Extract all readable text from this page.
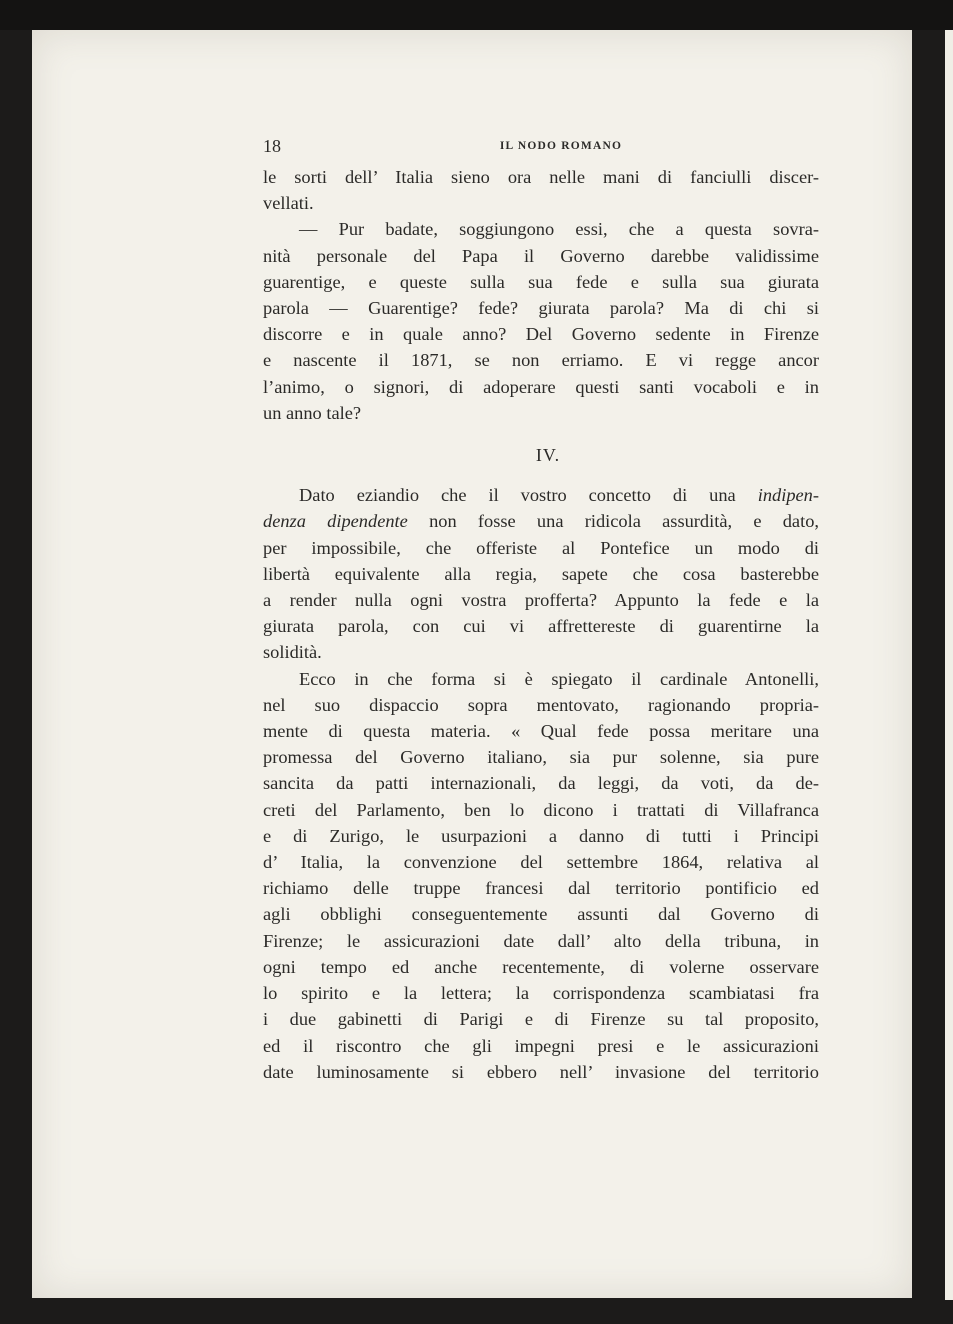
18	IL NODO ROMANO
le sorti dell’ Italia sieno ora nelle mani di fanciulli discer-
vellati.
— Pur badate, soggiungono essi, che a questa sovra-
nità personale del Papa il Governo darebbe validissime
guarentige, e queste sulla sua fede e sulla sua giurata
parola — Guarentige? fede? giurata parola? Ma di chi si
discorre e in quale anno? Del Governo sedente in Firenze
e nascente il 1871, se non erriamo. E vi regge ancor
l’animo, o signori, di adoperare questi santi vocaboli e in
un anno tale?
IV.
Dato eziandio che il vostro concetto di una indipen-
denza dipendente non fosse una ridicola assurdità, e dato,
per impossibile, che offeriste al Pontefice un modo di
libertà equivalente alla regia, sapete che cosa basterebbe
a render nulla ogni vostra profferta? Appunto la fede e la
giurata parola, con cui vi affrettereste di guarentirne la
solidità.
Ecco in che forma si è spiegato il cardinale Antonelli,
nel suo dispaccio sopra mentovato, ragionando propria-
mente di questa materia. « Qual fede possa meritare una
promessa del Governo italiano, sia pur solenne, sia pure
sancita da patti internazionali, da leggi, da voti, da de-
creti del Parlamento, ben lo dicono i trattati di Villafranca
e di Zurigo, le usurpazioni a danno di tutti i Principi
d’ Italia, la convenzione del settembre 1864, relativa al
richiamo delle truppe francesi dal territorio pontificio ed
agli obblighi conseguentemente assunti dal Governo di
Firenze; le assicurazioni date dall’ alto della tribuna, in
ogni tempo ed anche recentemente, di volerne osservare
lo spirito e la lettera; la corrispondenza scambiatasi fra
i due gabinetti di Parigi e di Firenze su tal proposito,
ed il riscontro che gli impegni presi e le assicurazioni
date luminosamente si ebbero nell’ invasione del territorio
